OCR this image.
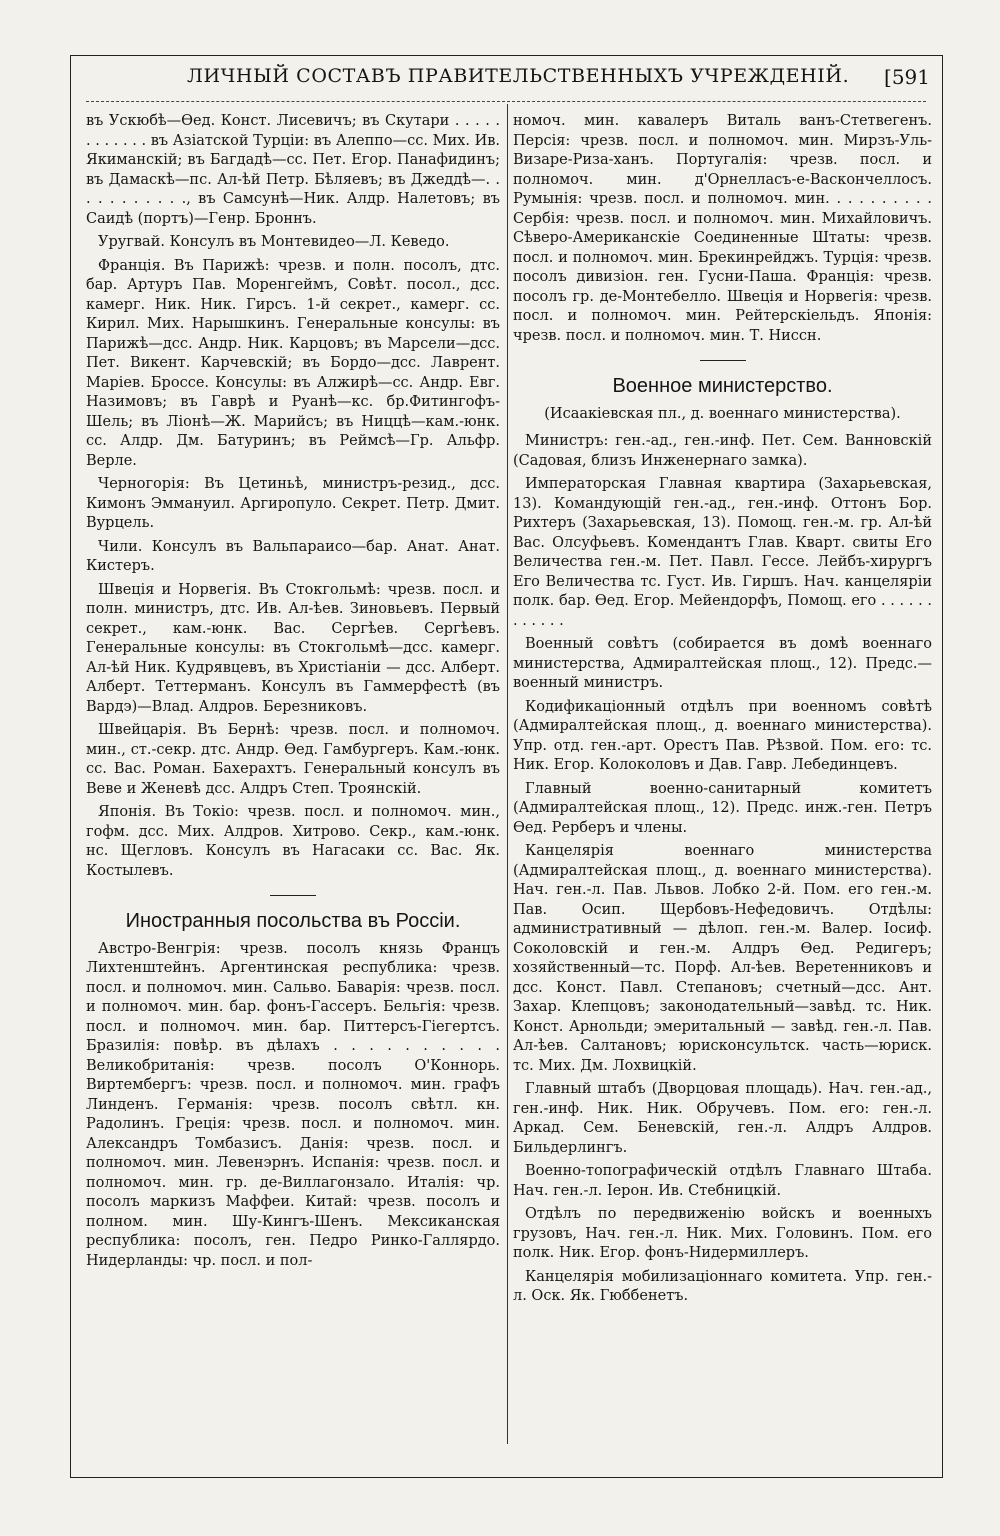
ЛИЧНЫЙ СОСТАВЪ ПРАВИТЕЛЬСТВЕННЫХЪ УЧРЕЖДЕНІЙ. [591

въ Ускюбѣ—Өед. Конст. Лисевичъ; въ Скутари . . . . . . . . . . . . въ Азіатской Турціи: въ Алеппо—сс. Мих. Ив. Якиманскій; въ Багдадѣ—сс. Пет. Егор. Панафидинъ; въ Дамаскѣ—пс. Ал-ѣй Петр. Бѣляевъ; въ Джеддѣ—. . . . . . . . . . ., въ Самсунѣ—Ник. Алдр. Налетовъ; въ Саидѣ (портъ)—Генр. Броннъ.

Уругвай. Консулъ въ Монтевидео—Л. Кеведо.

Франція. Въ Парижѣ: чрезв. и полн. посолъ, дтс. бар. Артуръ Пав. Моренгеймъ, Совѣт. посол., дсс. камерг. Ник. Ник. Гирсъ. 1-й секрет., камерг. сс. Кирил. Мих. Нарышкинъ. Генеральные консулы: въ Парижѣ—дсс. Андр. Ник. Карцовъ; въ Марсели—дсс. Пет. Викент. Карчевскій; въ Бордо—дсс. Лаврент. Маріев. Броссе. Консулы: въ Алжирѣ—сс. Андр. Евг. Назимовъ; въ Гаврѣ и Руанѣ—кс. бр.Фитингофъ-Шель; въ Ліонѣ—Ж. Марийсъ; въ Ниццѣ—кам.-юнк. сс. Алдр. Дм. Батуринъ; въ Реймсѣ—Гр. Альфр. Верле.

Черногорія: Въ Цетиньѣ, министръ-резид., дсс. Кимонъ Эммануил. Аргиропуло. Секрет. Петр. Дмит. Вурцель.

Чили. Консулъ въ Вальпараисо—бар. Анат. Анат. Кистеръ.

Швеція и Норвегія. Въ Стокгольмѣ: чрезв. посл. и полн. министръ, дтс. Ив. Ал-ѣев. Зиновьевъ. Первый секрет., кам.-юнк. Вас. Сергѣев. Сергѣевъ. Генеральные консулы: въ Стокгольмѣ—дсс. камерг. Ал-ѣй Ник. Кудрявцевъ, въ Христіаніи — дсс. Алберт. Алберт. Теттерманъ. Консулъ въ Гаммерфестѣ (въ Вардэ)—Влад. Алдров. Березниковъ.

Швейцарія. Въ Бернѣ: чрезв. посл. и полномоч. мин., ст.-секр. дтс. Андр. Өед. Гамбургеръ. Кам.-юнк. сс. Вас. Роман. Бахерахтъ. Генеральный консулъ въ Веве и Женевѣ дсс. Алдръ Степ. Троянскій.

Японія. Въ Токіо: чрезв. посл. и полномоч. мин., гофм. дсс. Мих. Алдров. Хитрово. Секр., кам.-юнк. нс. Щегловъ. Консулъ въ Нагасаки сс. Вас. Як. Костылевъ.

Иностранныя посольства въ Россіи.

Австро-Венгрія: чрезв. посолъ князь Францъ Лихтенштейнъ. Аргентинская республика: чрезв. посл. и полномоч. мин. Сальво. Баварія: чрезв. посл. и полномоч. мин. бар. фонъ-Гассеръ. Бельгія: чрезв. посл. и полномоч. мин. бар. Питтерсъ-Гіегертсъ. Бразилія: повѣр. въ дѣлахъ . . . . . . . . . . Великобританія: чрезв. посолъ О'Коннорь. Виртембергъ: чрезв. посл. и полномоч. мин. графъ Линденъ. Германія: чрезв. посолъ свѣтл. кн. Радолинъ. Греція: чрезв. посл. и полномоч. мин. Александръ Томбазисъ. Данія: чрезв. посл. и полномоч. мин. Левенэрнъ. Испанія: чрезв. посл. и полномоч. мин. гр. де-Виллагонзало. Италія: чр. посолъ маркизъ Маффеи. Китай: чрезв. посолъ и полном. мин. Шу-Кингъ-Шенъ. Мексиканская республика: посолъ, ген. Педро Ринко-Галлярдо. Нидерланды: чр. посл. и пол-

номоч. мин. кавалеръ Виталь ванъ-Стетвегенъ. Персія: чрезв. посл. и полномоч. мин. Мирзъ-Уль-Визаре-Риза-ханъ. Португалія: чрезв. посл. и полномоч. мин. д'Орнелласъ-е-Васкончеллосъ. Румынія: чрезв. посл. и полномоч. мин. . . . . . . . . . Сербія: чрезв. посл. и полномоч. мин. Михайловичъ. Сѣверо-Американскіе Соединенные Штаты: чрезв. посл. и полномоч. мин. Брекинрейджъ. Турція: чрезв. посолъ дивизіон. ген. Гусни-Паша. Франція: чрезв. посолъ гр. де-Монтебелло. Швеція и Норвегія: чрезв. посл. и полномоч. мин. Рейтерскіельдъ. Японія: чрезв. посл. и полномоч. мин. Т. Ниссн.

Военное министерство.
(Исаакіевская пл., д. военнаго министерства).

Министръ: ген.-ад., ген.-инф. Пет. Сем. Ванновскій (Садовая, близъ Инженернаго замка).

Императорская Главная квартира (Захарьевская, 13). Командующій ген.-ад., ген.-инф. Оттонъ Бор. Рихтеръ (Захарьевская, 13). Помощ. ген.-м. гр. Ал-ѣй Вас. Олсуфьевъ. Комендантъ Глав. Кварт. свиты Его Величества ген.-м. Пет. Павл. Гессе. Лейбъ-хирургъ Его Величества тс. Густ. Ив. Гиршъ. Нач. канцеляріи полк. бар. Өед. Егор. Мейендорфъ, Помощ. его . . . . . . . . . . . .

Военный совѣтъ (собирается въ домѣ военнаго министерства, Адмиралтейская площ., 12). Предс.—военный министръ.

Кодификаціонный отдѣлъ при военномъ совѣтѣ (Адмиралтейская площ., д. военнаго министерства). Упр. отд. ген.-арт. Орестъ Пав. Рѣзвой. Пом. его: тс. Ник. Егор. Колоколовъ и Дав. Гавр. Лебединцевъ.

Главный военно-санитарный комитетъ (Адмиралтейская площ., 12). Предс. инж.-ген. Петръ Өед. Рерберъ и члены.

Канцелярія военнаго министерства (Адмиралтейская площ., д. военнаго министерства). Нач. ген.-л. Пав. Львов. Лобко 2-й. Пом. его ген.-м. Пав. Осип. Щербовъ-Нефедовичъ. Отдѣлы: административный — дѣлоп. ген.-м. Валер. Іосиф. Соколовскій и ген.-м. Алдръ Өед. Редигеръ; хозяйственный—тс. Порф. Ал-ѣев. Веретенниковъ и дсс. Конст. Павл. Степановъ; счетный—дсс. Ант. Захар. Клепцовъ; законодательный—завѣд. тс. Ник. Конст. Арнольди; эмеритальный — завѣд. ген.-л. Пав. Ал-ѣев. Салтановъ; юрисконсультск. часть—юриск. тс. Мих. Дм. Лохвицкій.

Главный штабъ (Дворцовая площадь). Нач. ген.-ад., ген.-инф. Ник. Ник. Обручевъ. Пом. его: ген.-л. Аркад. Сем. Беневскій, ген.-л. Алдръ Алдров. Бильдерлингъ.

Военно-топографическій отдѣлъ Главнаго Штаба. Нач. ген.-л. Іерон. Ив. Стебницкій.

Отдѣлъ по передвиженію войскъ и военныхъ грузовъ, Нач. ген.-л. Ник. Мих. Головинъ. Пом. его полк. Ник. Егор. фонъ-Нидермиллеръ.

Канцелярія мобилизаціоннаго комитета. Упр. ген.-л. Оск. Як. Гюббенетъ.
